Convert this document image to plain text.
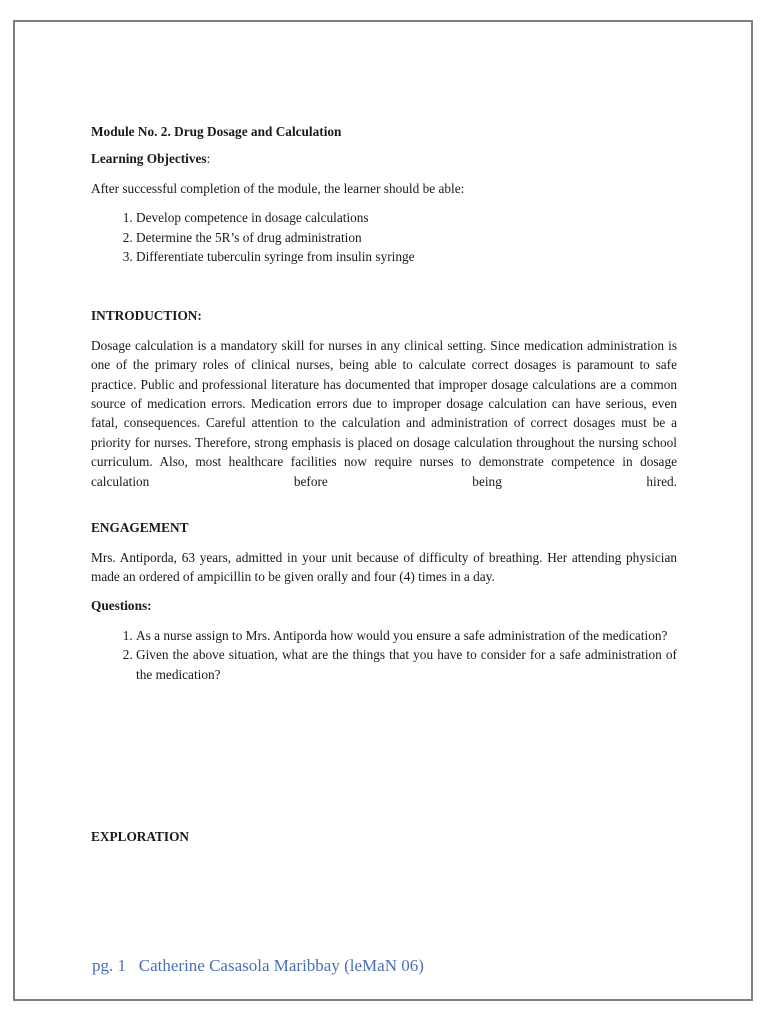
Module No. 2. Drug Dosage and Calculation

Learning Objectives:

After successful completion of the module, the learner should be able:

1. Develop competence in dosage calculations
2. Determine the 5R’s of drug administration
3. Differentiate tuberculin syringe from insulin syringe

INTRODUCTION:

Dosage calculation is a mandatory skill for nurses in any clinical setting. Since medication administration is one of the primary roles of clinical nurses, being able to calculate correct dosages is paramount to safe practice. Public and professional literature has documented that improper dosage calculations are a common source of medication errors. Medication errors due to improper dosage calculation can have serious, even fatal, consequences. Careful attention to the calculation and administration of correct dosages must be a priority for nurses. Therefore, strong emphasis is placed on dosage calculation throughout the nursing school curriculum. Also, most healthcare facilities now require nurses to demonstrate competence in dosage calculation before being hired.

ENGAGEMENT

Mrs. Antiporda, 63 years, admitted in your unit because of difficulty of breathing. Her attending physician made an ordered of ampicillin to be given orally and four (4) times in a day.

Questions:

1. As a nurse assign to Mrs. Antiporda how would you ensure a safe administration of the medication?
2. Given the above situation, what are the things that you have to consider for a safe administration of the medication?

EXPLORATION

pg. 1 Catherine Casasola Maribbay (leMaN 06)
